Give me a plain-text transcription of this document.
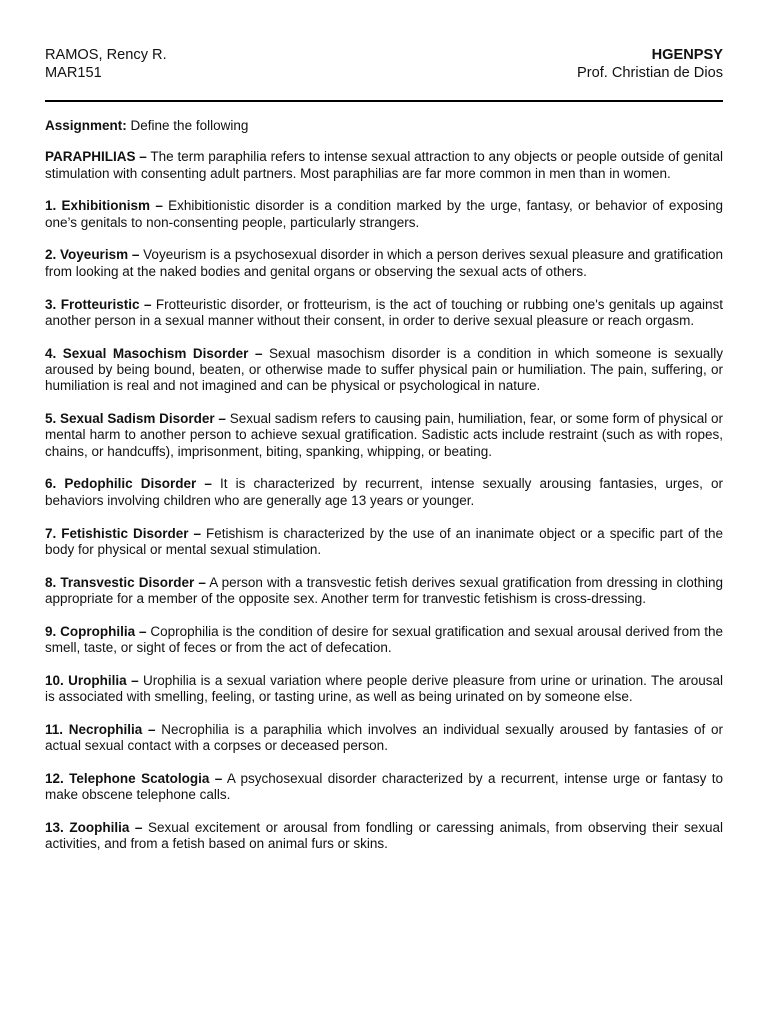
RAMOS, Rency R.
MAR151
HGENPSY
Prof. Christian de Dios

Assignment: Define the following

PARAPHILIAS – The term paraphilia refers to intense sexual attraction to any objects or people outside of genital stimulation with consenting adult partners. Most paraphilias are far more common in men than in women.

1. Exhibitionism – Exhibitionistic disorder is a condition marked by the urge, fantasy, or behavior of exposing one’s genitals to non-consenting people, particularly strangers.

2. Voyeurism – Voyeurism is a psychosexual disorder in which a person derives sexual pleasure and gratification from looking at the naked bodies and genital organs or observing the sexual acts of others.

3. Frotteuristic – Frotteuristic disorder, or frotteurism, is the act of touching or rubbing one's genitals up against another person in a sexual manner without their consent, in order to derive sexual pleasure or reach orgasm.

4. Sexual Masochism Disorder – Sexual masochism disorder is a condition in which someone is sexually aroused by being bound, beaten, or otherwise made to suffer physical pain or humiliation. The pain, suffering, or humiliation is real and not imagined and can be physical or psychological in nature.

5. Sexual Sadism Disorder – Sexual sadism refers to causing pain, humiliation, fear, or some form of physical or mental harm to another person to achieve sexual gratification. Sadistic acts include restraint (such as with ropes, chains, or handcuffs), imprisonment, biting, spanking, whipping, or beating.

6. Pedophilic Disorder – It is characterized by recurrent, intense sexually arousing fantasies, urges, or behaviors involving children who are generally age 13 years or younger.

7. Fetishistic Disorder – Fetishism is characterized by the use of an inanimate object or a specific part of the body for physical or mental sexual stimulation.

8. Transvestic Disorder – A person with a transvestic fetish derives sexual gratification from dressing in clothing appropriate for a member of the opposite sex. Another term for tranvestic fetishism is cross-dressing.

9. Coprophilia – Coprophilia is the condition of desire for sexual gratification and sexual arousal derived from the smell, taste, or sight of feces or from the act of defecation.

10. Urophilia – Urophilia is a sexual variation where people derive pleasure from urine or urination. The arousal is associated with smelling, feeling, or tasting urine, as well as being urinated on by someone else.

11. Necrophilia – Necrophilia is a paraphilia which involves an individual sexually aroused by fantasies of or actual sexual contact with a corpses or deceased person.

12. Telephone Scatologia – A psychosexual disorder characterized by a recurrent, intense urge or fantasy to make obscene telephone calls.

13. Zoophilia – Sexual excitement or arousal from fondling or caressing animals, from observing their sexual activities, and from a fetish based on animal furs or skins.
